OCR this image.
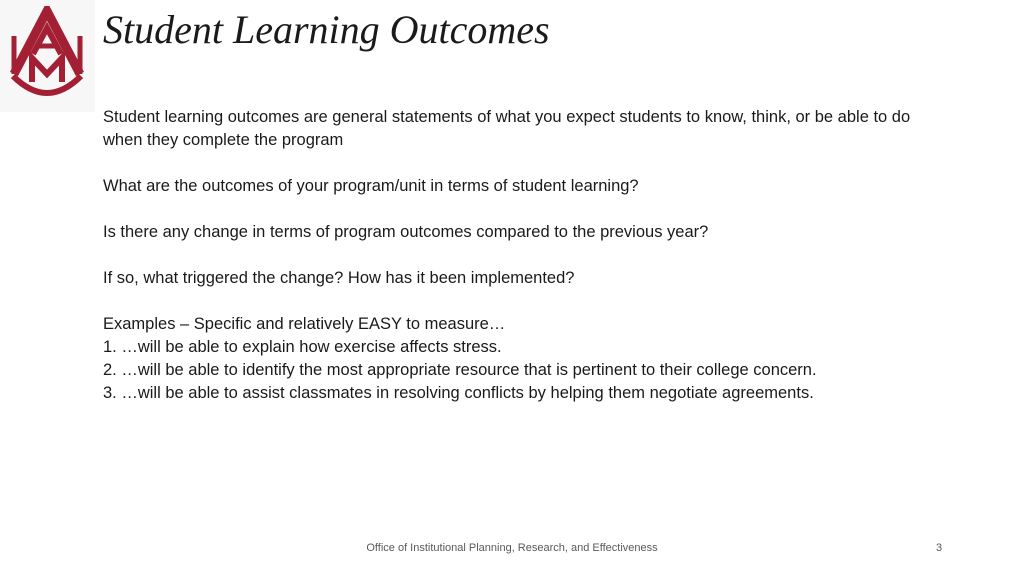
Student Learning Outcomes

Student learning outcomes are general statements of what you expect students to know, think, or be able to do when they complete the program

What are the outcomes of your program/unit in terms of student learning?

Is there any change in terms of program outcomes compared to the previous year?

If so, what triggered the change? How has it been implemented?

Examples – Specific and relatively EASY to measure…

1. …will be able to explain how exercise affects stress.

2. …will be able to identify the most appropriate resource that is pertinent to their college concern.

3. …will be able to assist classmates in resolving conflicts by helping them negotiate agreements.

Office of Institutional Planning, Research, and Effectiveness	3
